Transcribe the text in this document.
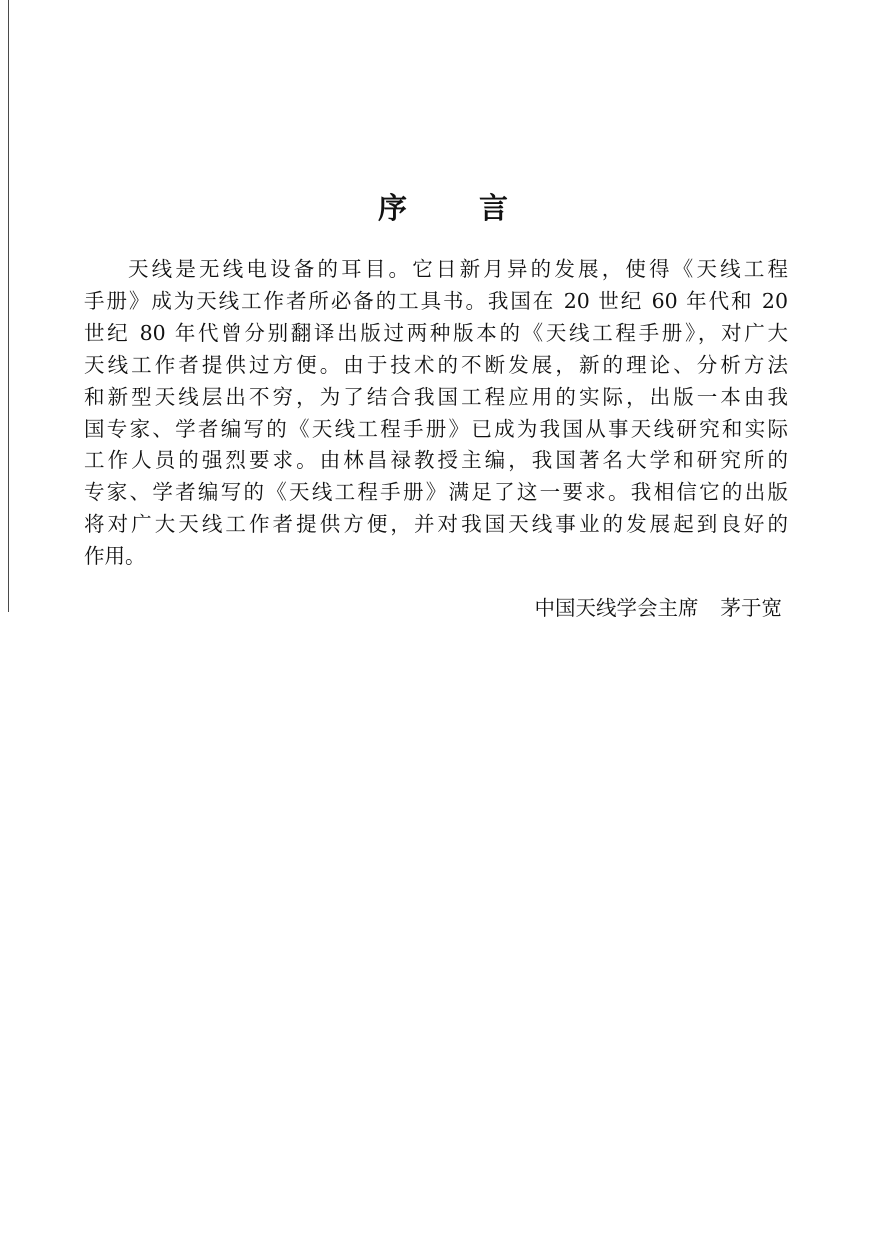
序言

天线是无线电设备的耳目。它日新月异的发展，使得《天线工程
手册》成为天线工作者所必备的工具书。我国在 20 世纪 60 年代和 20
世纪 80 年代曾分别翻译出版过两种版本的《天线工程手册》，对广大
天线工作者提供过方便。由于技术的不断发展，新的理论、分析方法
和新型天线层出不穷，为了结合我国工程应用的实际，出版一本由我
国专家、学者编写的《天线工程手册》已成为我国从事天线研究和实际
工作人员的强烈要求。由林昌禄教授主编，我国著名大学和研究所的
专家、学者编写的《天线工程手册》满足了这一要求。我相信它的出版
将对广大天线工作者提供方便，并对我国天线事业的发展起到良好的
作用。

中国天线学会主席 茅于宽
